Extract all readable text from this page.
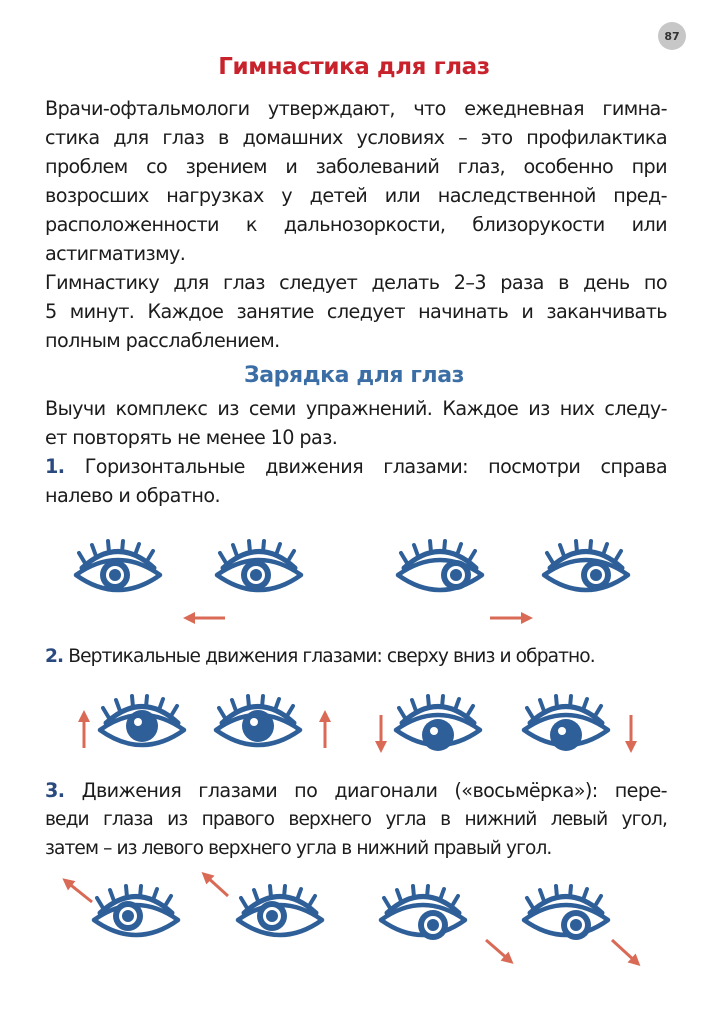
87
Гимнастика для глаз
Врачи-офтальмологи утверждают, что ежедневная гимна-
стика для глаз в домашних условиях – это профилактика
проблем со зрением и заболеваний глаз, особенно при
возросших нагрузках у детей или наследственной пред-
расположенности к дальнозоркости, близорукости или
астигматизму.
Гимнастику для глаз следует делать 2–3 раза в день по
5 минут. Каждое занятие следует начинать и заканчивать
полным расслаблением.
Зарядка для глаз
Выучи комплекс из семи упражнений. Каждое из них следу-
ет повторять не менее 10 раз.
1. Горизонтальные движения глазами: посмотри справа
налево и обратно.
2. Вертикальные движения глазами: сверху вниз и обратно.
3. Движения глазами по диагонали («восьмёрка»): пере-
веди глаза из правого верхнего угла в нижний левый угол,
затем – из левого верхнего угла в нижний правый угол.
